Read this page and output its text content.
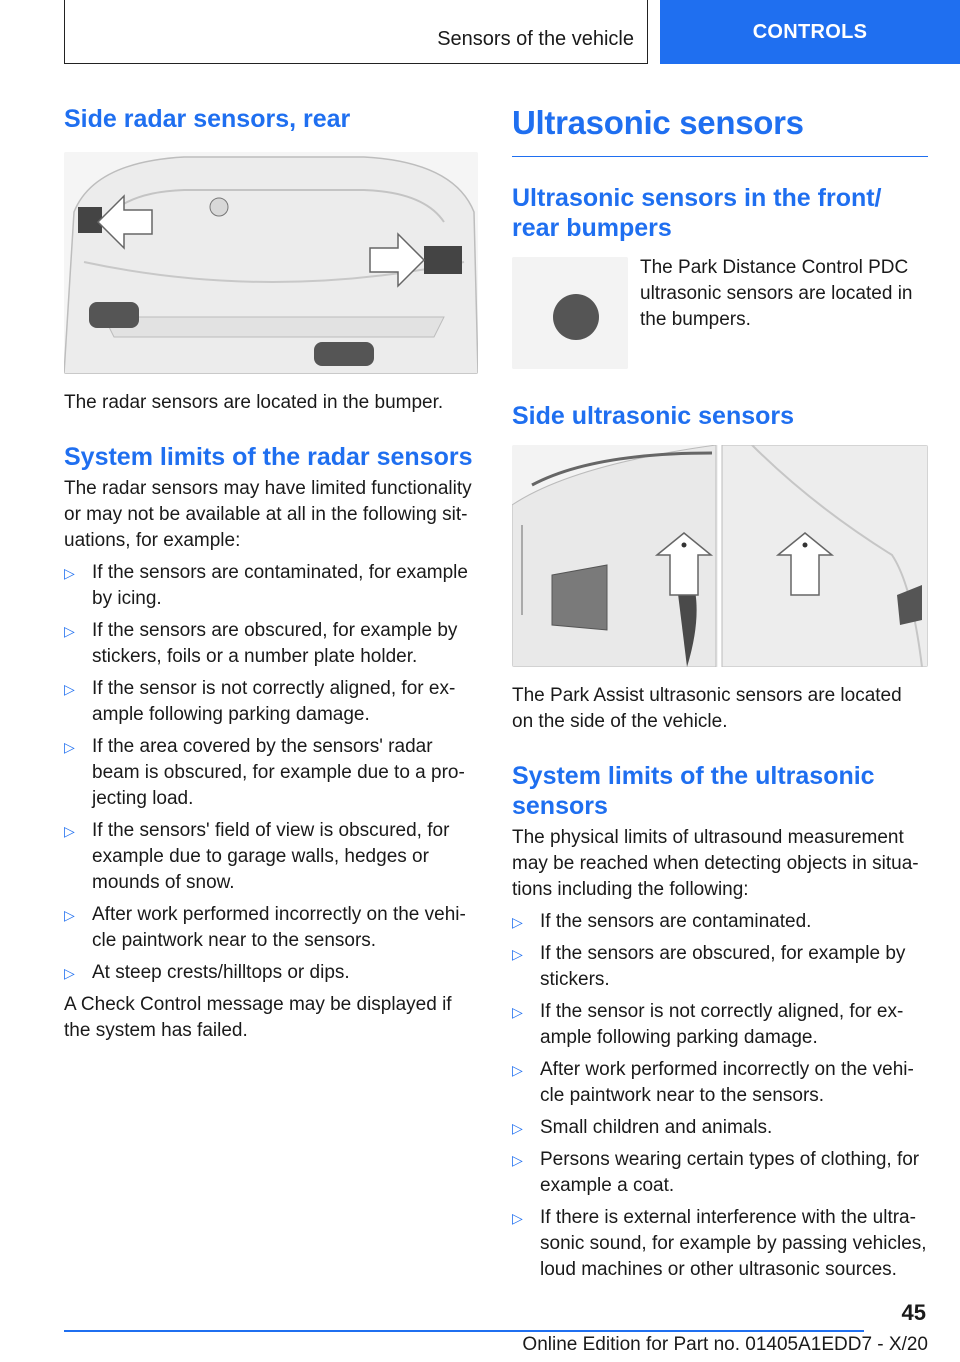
Sensors of the vehicle	CONTROLS
Side radar sensors, rear

The radar sensors are located in the bumper.

System limits of the radar sensors

The radar sensors may have limited functionality or may not be available at all in the following sit-uations, for example:

▷ If the sensors are contaminated, for example by icing.
▷ If the sensors are obscured, for example by stickers, foils or a number plate holder.
▷ If the sensor is not correctly aligned, for ex-ample following parking damage.
▷ If the area covered by the sensors' radar beam is obscured, for example due to a pro-jecting load.
▷ If the sensors' field of view is obscured, for example due to garage walls, hedges or mounds of snow.
▷ After work performed incorrectly on the vehi-cle paintwork near to the sensors.
▷ At steep crests/hilltops or dips.

A Check Control message may be displayed if the system has failed.

Ultrasonic sensors
Ultrasonic sensors in the front/ rear bumpers

The Park Distance Control PDC ultrasonic sensors are located in the bumpers.

Side ultrasonic sensors

The Park Assist ultrasonic sensors are located on the side of the vehicle.

System limits of the ultrasonic sensors

The physical limits of ultrasound measurement may be reached when detecting objects in situa-tions including the following:

▷ If the sensors are contaminated.
▷ If the sensors are obscured, for example by stickers.
▷ If the sensor is not correctly aligned, for ex-ample following parking damage.
▷ After work performed incorrectly on the vehi-cle paintwork near to the sensors.
▷ Small children and animals.
▷ Persons wearing certain types of clothing, for example a coat.
▷ If there is external interference with the ultra-sonic sound, for example by passing vehicles, loud machines or other ultrasonic sources.
45
Online Edition for Part no. 01405A1EDD7 - X/20
